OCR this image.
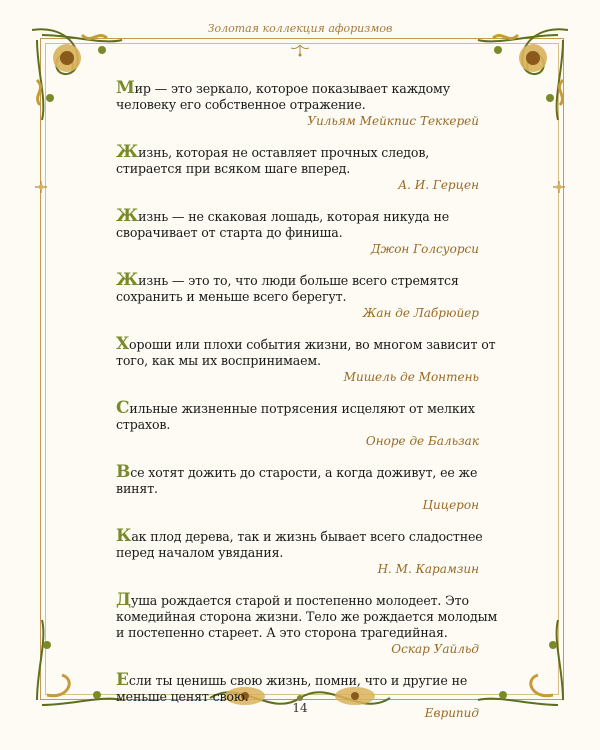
Золотая коллекция афоризмов

Мир — это зеркало, которое показывает каждому человеку его собственное отражение.

Уильям Мейкпис Теккерей

Жизнь, которая не оставляет прочных следов, стирается при всяком шаге вперед.

А. И. Герцен

Жизнь — не скаковая лошадь, которая никуда не сворачивает от старта до финиша.

Джон Голсуорси

Жизнь — это то, что люди больше всего стремятся сохранить и меньше всего берегут.

Жан де Лабрюйер

Хороши или плохи события жизни, во многом зависит от того, как мы их воспринимаем.

Мишель де Монтень

Сильные жизненные потрясения исцеляют от мелких страхов.

Оноре де Бальзак

Все хотят дожить до старости, а когда доживут, ее же винят.

Цицерон

Как плод дерева, так и жизнь бывает всего сладостнее перед началом увядания.

Н. М. Карамзин

Душа рождается старой и постепенно молодеет. Это комедийная сторона жизни. Тело же рождается молодым и постепенно стареет. А это сторона трагедийная.

Оскар Уайльд

Если ты ценишь свою жизнь, помни, что и другие не меньше ценят свою.

Еврипид

14
